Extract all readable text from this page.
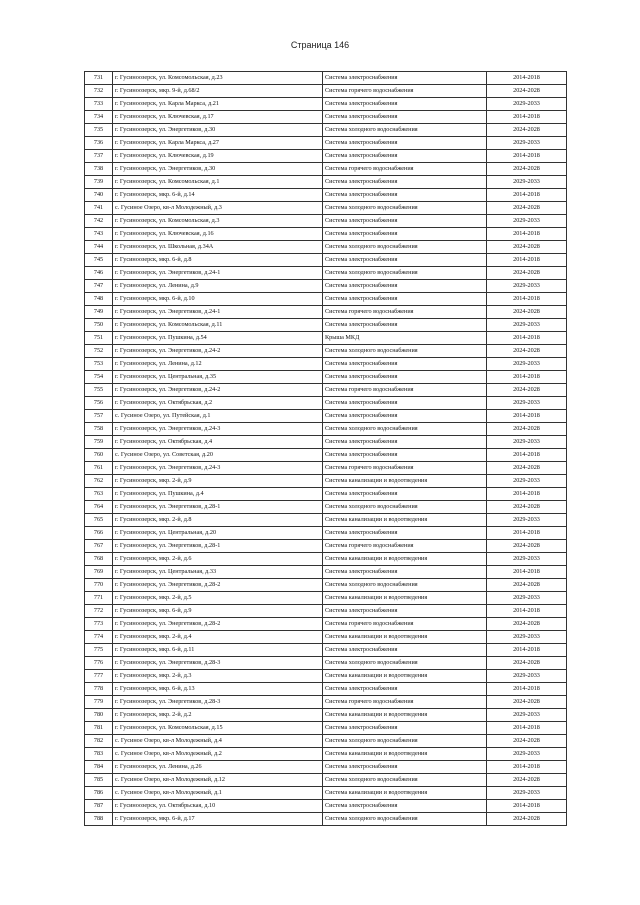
Страница 146
731	г. Гусиноозерск, ул. Комсомольская, д.23	Система электроснабжения	2014-2018
732	г. Гусиноозерск, мкр. 9-й, д.68/2	Система горячего водоснабжения	2024-2028
733	г. Гусиноозерск, ул. Карла Маркса, д.21	Система электроснабжения	2029-2033
734	г. Гусиноозерск, ул. Ключевская, д.17	Система электроснабжения	2014-2018
735	г. Гусиноозерск, ул. Энергетиков, д.30	Система холодного водоснабжения	2024-2028
736	г. Гусиноозерск, ул. Карла Маркса, д.27	Система электроснабжения	2029-2033
737	г. Гусиноозерск, ул. Ключевская, д.19	Система электроснабжения	2014-2018
738	г. Гусиноозерск, ул. Энергетиков, д.30	Система горячего водоснабжения	2024-2028
739	г. Гусиноозерск, ул. Комсомольская, д.1	Система электроснабжения	2029-2033
740	г. Гусиноозерск, мкр. 6-й, д.14	Система электроснабжения	2014-2018
741	с. Гусиное Озеро, кв-л Молодежный, д.3	Система холодного водоснабжения	2024-2028
742	г. Гусиноозерск, ул. Комсомольская, д.3	Система электроснабжения	2029-2033
743	г. Гусиноозерск, ул. Ключевская, д.16	Система электроснабжения	2014-2018
744	г. Гусиноозерск, ул. Школьная, д.34А	Система холодного водоснабжения	2024-2028
745	г. Гусиноозерск, мкр. 6-й, д.8	Система электроснабжения	2014-2018
746	г. Гусиноозерск, ул. Энергетиков, д.24-1	Система холодного водоснабжения	2024-2028
747	г. Гусиноозерск, ул. Ленина, д.9	Система электроснабжения	2029-2033
748	г. Гусиноозерск, мкр. 6-й, д.10	Система электроснабжения	2014-2018
749	г. Гусиноозерск, ул. Энергетиков, д.24-1	Система горячего водоснабжения	2024-2028
750	г. Гусиноозерск, ул. Комсомольская, д.11	Система электроснабжения	2029-2033
751	г. Гусиноозерск, ул. Пушкина, д.54	Крыша МКД	2014-2018
752	г. Гусиноозерск, ул. Энергетиков, д.24-2	Система холодного водоснабжения	2024-2028
753	г. Гусиноозерск, ул. Ленина, д.12	Система электроснабжения	2029-2033
754	г. Гусиноозерск, ул. Центральная, д.35	Система электроснабжения	2014-2018
755	г. Гусиноозерск, ул. Энергетиков, д.24-2	Система горячего водоснабжения	2024-2028
756	г. Гусиноозерск, ул. Октябрьская, д.2	Система электроснабжения	2029-2033
757	с. Гусиное Озеро, ул. Путейская, д.1	Система электроснабжения	2014-2018
758	г. Гусиноозерск, ул. Энергетиков, д.24-3	Система холодного водоснабжения	2024-2028
759	г. Гусиноозерск, ул. Октябрьская, д.4	Система электроснабжения	2029-2033
760	с. Гусиное Озеро, ул. Советская, д.20	Система электроснабжения	2014-2018
761	г. Гусиноозерск, ул. Энергетиков, д.24-3	Система горячего водоснабжения	2024-2028
762	г. Гусиноозерск, мкр. 2-й, д.9	Система канализации и водоотведения	2029-2033
763	г. Гусиноозерск, ул. Пушкина, д.4	Система электроснабжения	2014-2018
764	г. Гусиноозерск, ул. Энергетиков, д.28-1	Система холодного водоснабжения	2024-2028
765	г. Гусиноозерск, мкр. 2-й, д.8	Система канализации и водоотведения	2029-2033
766	г. Гусиноозерск, ул. Центральная, д.20	Система электроснабжения	2014-2018
767	г. Гусиноозерск, ул. Энергетиков, д.28-1	Система горячего водоснабжения	2024-2028
768	г. Гусиноозерск, мкр. 2-й, д.6	Система канализации и водоотведения	2029-2033
769	г. Гусиноозерск, ул. Центральная, д.33	Система электроснабжения	2014-2018
770	г. Гусиноозерск, ул. Энергетиков, д.28-2	Система холодного водоснабжения	2024-2028
771	г. Гусиноозерск, мкр. 2-й, д.5	Система канализации и водоотведения	2029-2033
772	г. Гусиноозерск, мкр. 6-й, д.9	Система электроснабжения	2014-2018
773	г. Гусиноозерск, ул. Энергетиков, д.28-2	Система горячего водоснабжения	2024-2028
774	г. Гусиноозерск, мкр. 2-й, д.4	Система канализации и водоотведения	2029-2033
775	г. Гусиноозерск, мкр. 6-й, д.11	Система электроснабжения	2014-2018
776	г. Гусиноозерск, ул. Энергетиков, д.28-3	Система холодного водоснабжения	2024-2028
777	г. Гусиноозерск, мкр. 2-й, д.3	Система канализации и водоотведения	2029-2033
778	г. Гусиноозерск, мкр. 6-й, д.13	Система электроснабжения	2014-2018
779	г. Гусиноозерск, ул. Энергетиков, д.28-3	Система горячего водоснабжения	2024-2028
780	г. Гусиноозерск, мкр. 2-й, д.2	Система канализации и водоотведения	2029-2033
781	г. Гусиноозерск, ул. Комсомольская, д.15	Система электроснабжения	2014-2018
782	с. Гусиное Озеро, кв-л Молодежный, д.4	Система холодного водоснабжения	2024-2028
783	с. Гусиное Озеро, кв-л Молодежный, д.2	Система канализации и водоотведения	2029-2033
784	г. Гусиноозерск, ул. Ленина, д.26	Система электроснабжения	2014-2018
785	с. Гусиное Озеро, кв-л Молодежный, д.12	Система холодного водоснабжения	2024-2028
786	с. Гусиное Озеро, кв-л Молодежный, д.1	Система канализации и водоотведения	2029-2033
787	г. Гусиноозерск, ул. Октябрьская, д.10	Система электроснабжения	2014-2018
788	г. Гусиноозерск, мкр. 6-й, д.17	Система холодного водоснабжения	2024-2028
